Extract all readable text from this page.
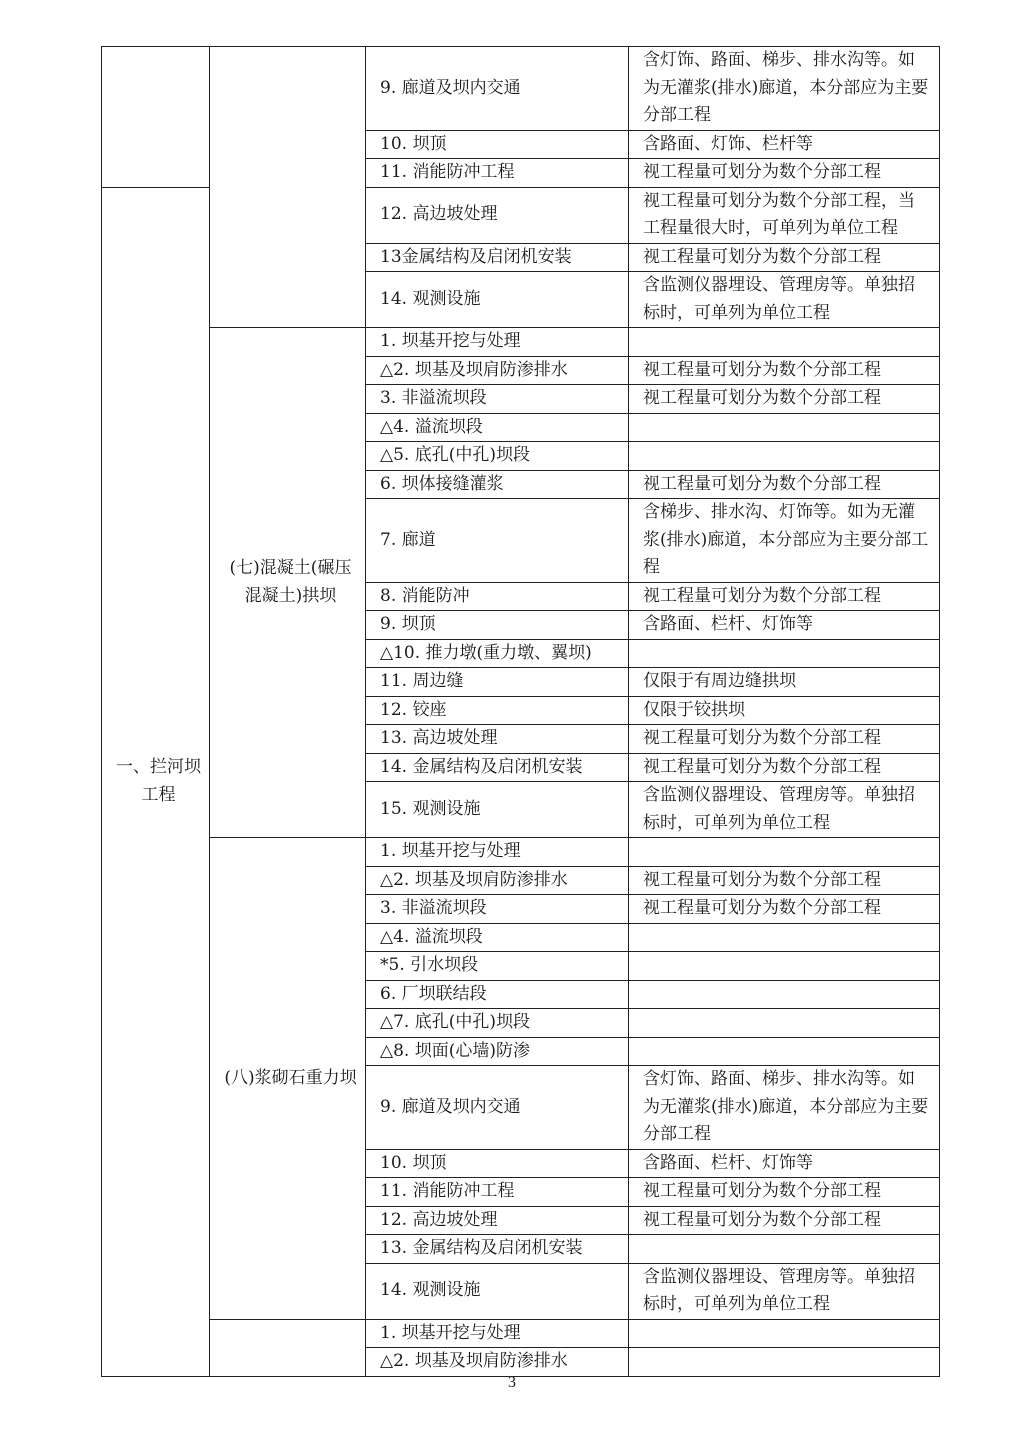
		9. 廊道及坝内交通	含灯饰、路面、梯步、排水沟等。如为无灌浆(排水)廊道，本分部应为主要分部工程
		10. 坝顶	含路面、灯饰、栏杆等
		11. 消能防冲工程	视工程量可划分为数个分部工程
一、拦河坝工程		12. 高边坡处理	视工程量可划分为数个分部工程，当工程量很大时，可单列为单位工程
		13金属结构及启闭机安装	视工程量可划分为数个分部工程
		14. 观测设施	含监测仪器埋设、管理房等。单独招标时，可单列为单位工程
	(七)混凝土(碾压混凝土)拱坝	1. 坝基开挖与处理	
		△2. 坝基及坝肩防渗排水	视工程量可划分为数个分部工程
		3. 非溢流坝段	视工程量可划分为数个分部工程
		△4. 溢流坝段	
		△5. 底孔(中孔)坝段	
		6. 坝体接缝灌浆	视工程量可划分为数个分部工程
		7. 廊道	含梯步、排水沟、灯饰等。如为无灌浆(排水)廊道，本分部应为主要分部工程
		8. 消能防冲	视工程量可划分为数个分部工程
		9. 坝顶	含路面、栏杆、灯饰等
		△10. 推力墩(重力墩、翼坝)	
		11. 周边缝	仅限于有周边缝拱坝
		12. 铰座	仅限于铰拱坝
		13. 高边坡处理	视工程量可划分为数个分部工程
		14. 金属结构及启闭机安装	视工程量可划分为数个分部工程
		15. 观测设施	含监测仪器埋设、管理房等。单独招标时，可单列为单位工程
	(八)浆砌石重力坝	1. 坝基开挖与处理	
		△2. 坝基及坝肩防渗排水	视工程量可划分为数个分部工程
		3. 非溢流坝段	视工程量可划分为数个分部工程
		△4. 溢流坝段	
		*5. 引水坝段	
		6. 厂坝联结段	
		△7. 底孔(中孔)坝段	
		△8. 坝面(心墙)防渗	
		9. 廊道及坝内交通	含灯饰、路面、梯步、排水沟等。如为无灌浆(排水)廊道，本分部应为主要分部工程
		10. 坝顶	含路面、栏杆、灯饰等
		11. 消能防冲工程	视工程量可划分为数个分部工程
		12. 高边坡处理	视工程量可划分为数个分部工程
		13. 金属结构及启闭机安装	
		14. 观测设施	含监测仪器埋设、管理房等。单独招标时，可单列为单位工程
		1. 坝基开挖与处理	
		△2. 坝基及坝肩防渗排水	
3
